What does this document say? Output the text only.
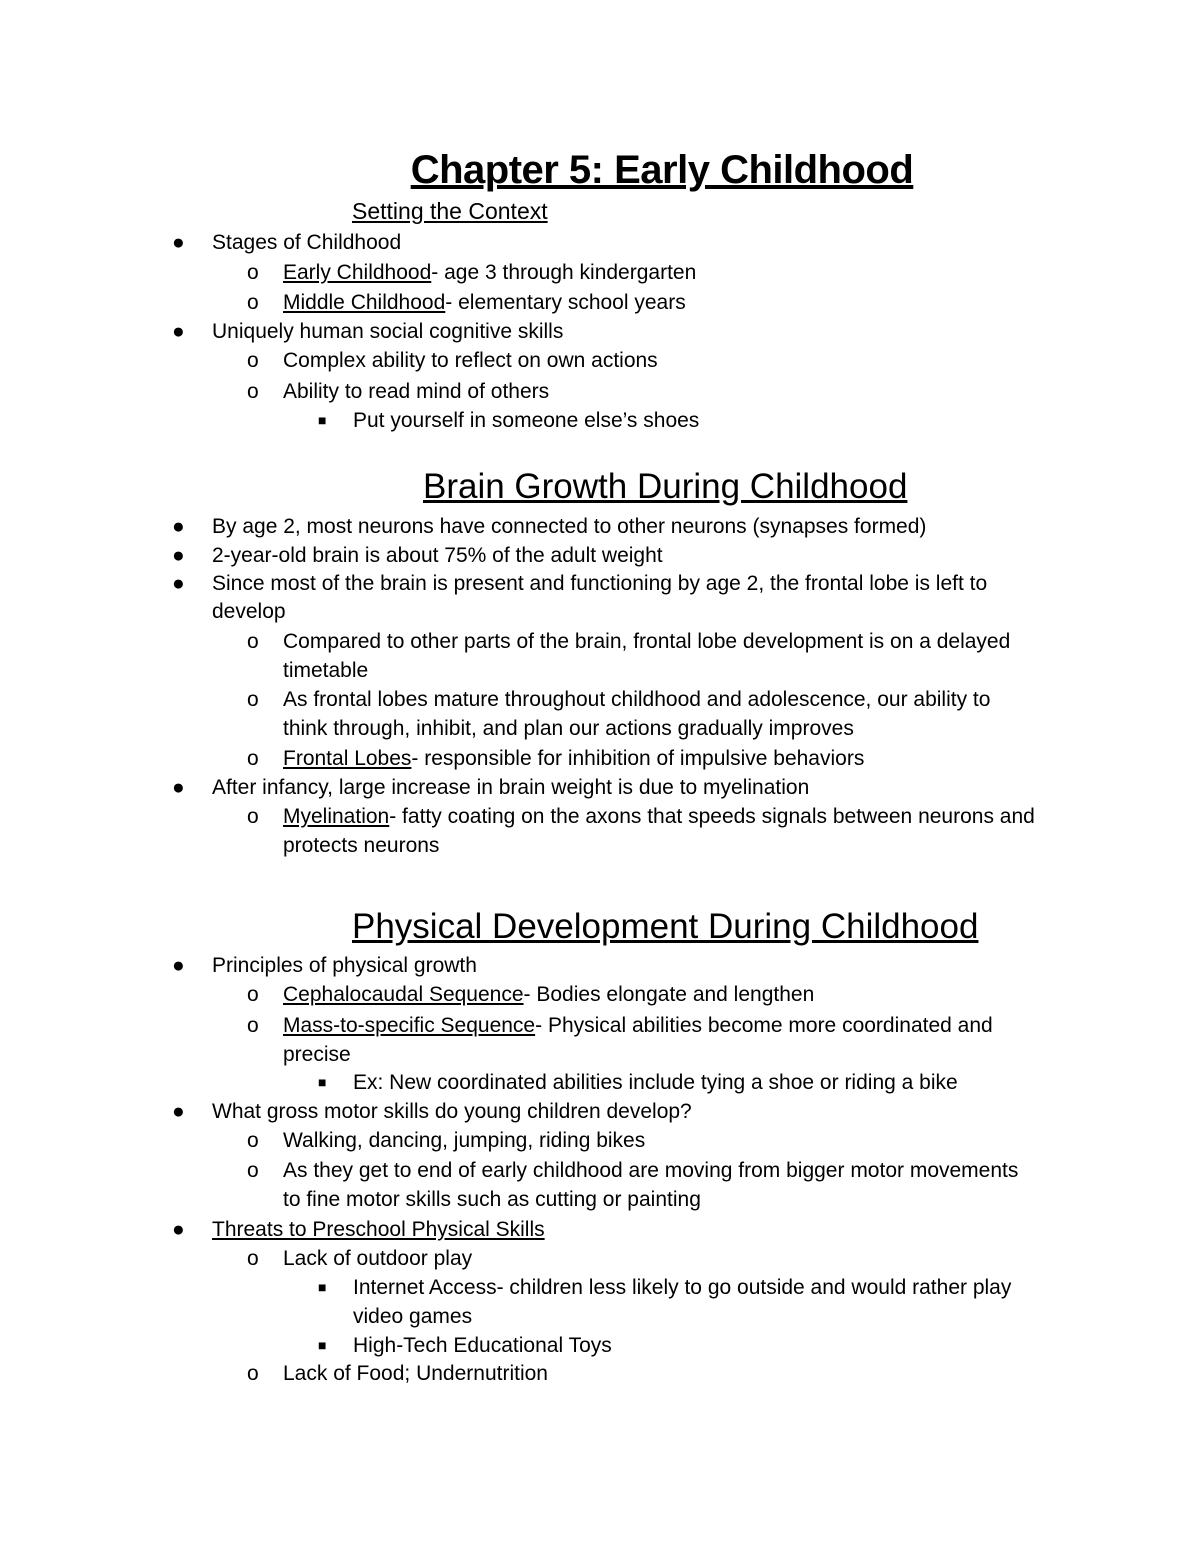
Chapter 5: Early Childhood
Setting the Context
● Stages of Childhood
o Early Childhood- age 3 through kindergarten
o Middle Childhood- elementary school years
● Uniquely human social cognitive skills
o Complex ability to reflect on own actions
o Ability to read mind of others
■ Put yourself in someone else’s shoes
Brain Growth During Childhood
● By age 2, most neurons have connected to other neurons (synapses formed)
● 2-year-old brain is about 75% of the adult weight
● Since most of the brain is present and functioning by age 2, the frontal lobe is left to
develop
o Compared to other parts of the brain, frontal lobe development is on a delayed
timetable
o As frontal lobes mature throughout childhood and adolescence, our ability to
think through, inhibit, and plan our actions gradually improves
o Frontal Lobes- responsible for inhibition of impulsive behaviors
● After infancy, large increase in brain weight is due to myelination
o Myelination- fatty coating on the axons that speeds signals between neurons and
protects neurons
Physical Development During Childhood
● Principles of physical growth
o Cephalocaudal Sequence- Bodies elongate and lengthen
o Mass-to-specific Sequence- Physical abilities become more coordinated and
precise
■ Ex: New coordinated abilities include tying a shoe or riding a bike
● What gross motor skills do young children develop?
o Walking, dancing, jumping, riding bikes
o As they get to end of early childhood are moving from bigger motor movements
to fine motor skills such as cutting or painting
● Threats to Preschool Physical Skills
o Lack of outdoor play
■ Internet Access- children less likely to go outside and would rather play
video games
■ High-Tech Educational Toys
o Lack of Food; Undernutrition
